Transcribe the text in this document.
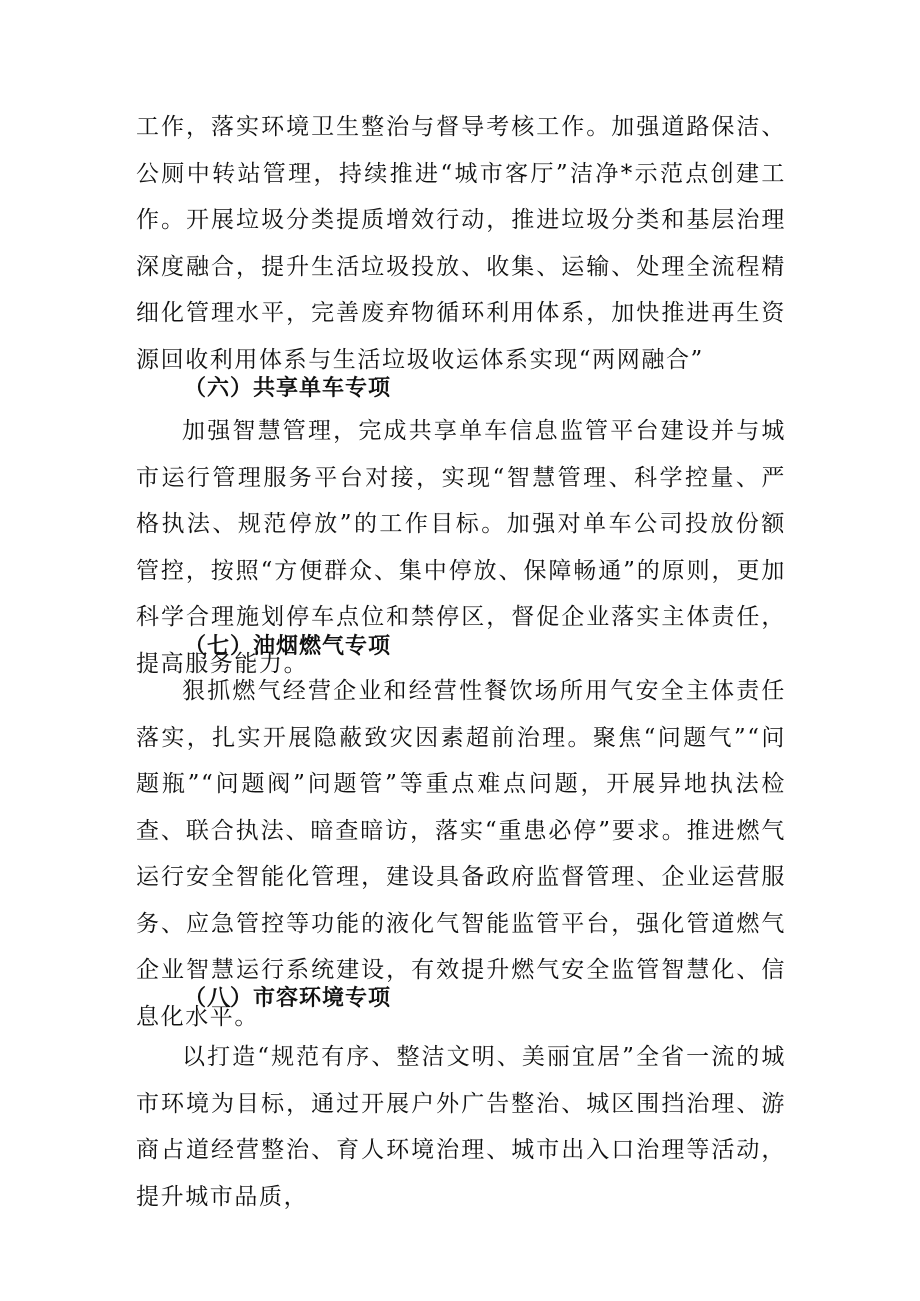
工作，落实环境卫生整治与督导考核工作。加强道路保洁、公厕中转站管理，持续推进“城市客厅”洁净*示范点创建工作。开展垃圾分类提质增效行动，推进垃圾分类和基层治理深度融合，提升生活垃圾投放、收集、运输、处理全流程精细化管理水平，完善废弃物循环利用体系，加快推进再生资源回收利用体系与生活垃圾收运体系实现“两网融合”

（六）共享单车专项

加强智慧管理，完成共享单车信息监管平台建设并与城市运行管理服务平台对接，实现“智慧管理、科学控量、严格执法、规范停放”的工作目标。加强对单车公司投放份额管控，按照“方便群众、集中停放、保障畅通”的原则，更加科学合理施划停车点位和禁停区，督促企业落实主体责任，提高服务能力。

（七）油烟燃气专项

狠抓燃气经营企业和经营性餐饮场所用气安全主体责任落实，扎实开展隐蔽致灾因素超前治理。聚焦“问题气”“问题瓶”“问题阀”问题管”等重点难点问题，开展异地执法检查、联合执法、暗查暗访，落实“重患必停”要求。推进燃气运行安全智能化管理，建设具备政府监督管理、企业运营服务、应急管控等功能的液化气智能监管平台，强化管道燃气企业智慧运行系统建设，有效提升燃气安全监管智慧化、信息化水平。

（八）市容环境专项

以打造“规范有序、整洁文明、美丽宜居”全省一流的城市环境为目标，通过开展户外广告整治、城区围挡治理、游商占道经营整治、育人环境治理、城市出入口治理等活动，提升城市品质，
